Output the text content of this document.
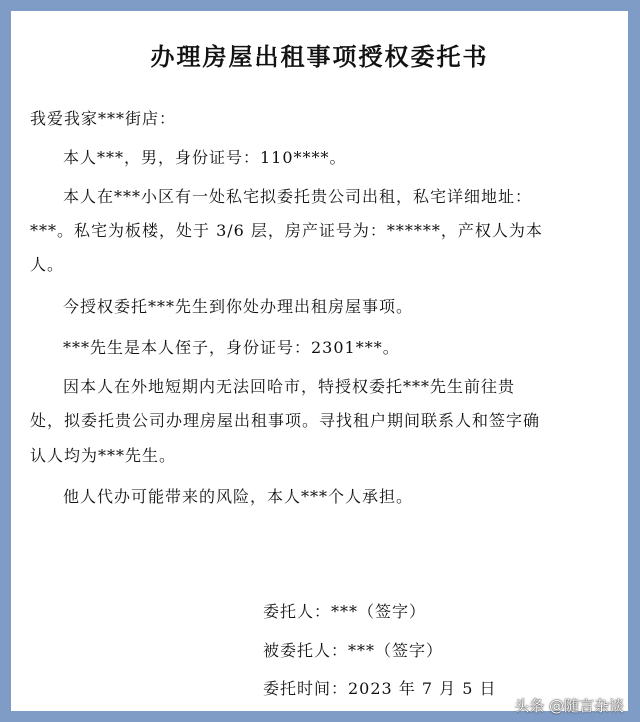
办理房屋出租事项授权委托书
我爱我家***街店：
本人***，男，身份证号：110****。
本人在***小区有一处私宅拟委托贵公司出租，私宅详细地址：
***。私宅为板楼，处于 3/6 层，房产证号为：******，产权人为本
人。
今授权委托***先生到你处办理出租房屋事项。
***先生是本人侄子，身份证号：2301***。
因本人在外地短期内无法回哈市，特授权委托***先生前往贵
处，拟委托贵公司办理房屋出租事项。寻找租户期间联系人和签字确
认人均为***先生。
他人代办可能带来的风险，本人***个人承担。
委托人：***（签字）
被委托人：***（签字）
委托时间：2023 年 7 月 5 日
头条 @随言杂谈
